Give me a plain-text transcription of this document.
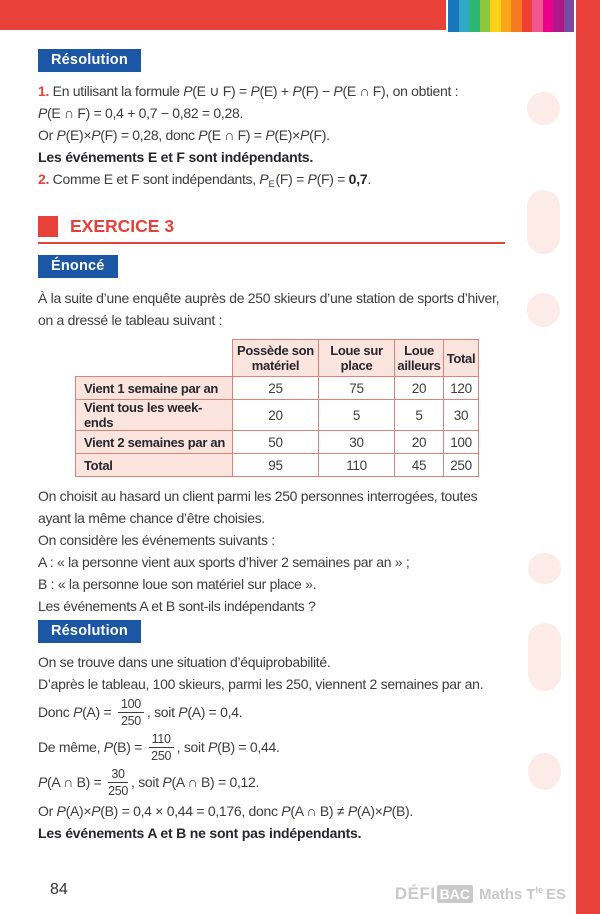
Résolution

1. En utilisant la formule P(E ∪ F) = P(E) + P(F) − P(E ∩ F), on obtient :

P(E ∩ F) = 0,4 + 0,7 − 0,82 = 0,28.

Or P(E)×P(F) = 0,28, donc P(E ∩ F) = P(E)×P(F).

Les événements E et F sont indépendants.

2. Comme E et F sont indépendants, $P_E(F) = P(F) = 0,7$.

EXERCICE 3
Énoncé

À la suite d’une enquête auprès de 250 skieurs d’une station de sports d’hiver,

on a dressé le tableau suivant :

	Possède son matériel	Loue sur place	Loue ailleurs	Total
Vient 1 semaine par an	25	75	20	120
Vient tous les week-ends	20	5	5	30
Vient 2 semaines par an	50	30	20	100
Total	95	110	45	250

On choisit au hasard un client parmi les 250 personnes interrogées, toutes

ayant la même chance d’être choisies.

On considère les événements suivants :

A : « la personne vient aux sports d’hiver 2 semaines par an » ;

B : « la personne loue son matériel sur place ».

Les événements A et B sont-ils indépendants ?

Résolution

On se trouve dans une situation d’équiprobabilité.

D’après le tableau, 100 skieurs, parmi les 250, viennent 2 semaines par an.

Donc $P(A) = \frac{100}{250}$ , soit P(A) = 0,4.

De même, $P(B) = \frac{110}{250}$ , soit P(B) = 0,44.

P(A ∩ $B) = \frac{30}{250}$ , soit P(A ∩ B) = 0,12.

Or P(A)×P(B) = 0,4 × 0,44 = 0,176, donc P(A ∩ B) ≠ P(A)×P(B).

Les événements A et B ne sont pas indépendants.

84	DÉFI BAC Maths $T^{le}$ ES
